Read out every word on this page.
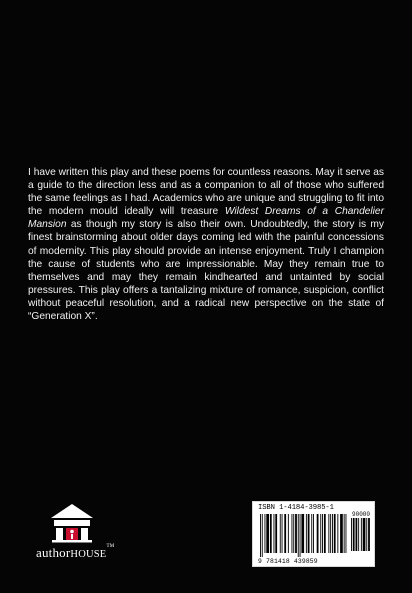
I have written this play and these poems for countless reasons. May it serve as a guide to the direction less and as a companion to all of those who suffered the same feelings as I had. Academics who are unique and struggling to fit into the modern mould ideally will treasure Wildest Dreams of a Chandelier Mansion as though my story is also their own. Undoubtedly, the story is my finest brainstorming about older days coming led with the painful concessions of modernity. This play should provide an intense enjoyment. Truly I champion the cause of students who are impressionable. May they remain true to themselves and may they remain kindhearted and untainted by social pressures. This play offers a tantalizing mixture of romance, suspicion, conflict without peaceful resolution, and a radical new perspective on the state of “Generation X”.

authorHOUSE™
ISBN 1-4184-3985-1
90000
9 781418 439859
